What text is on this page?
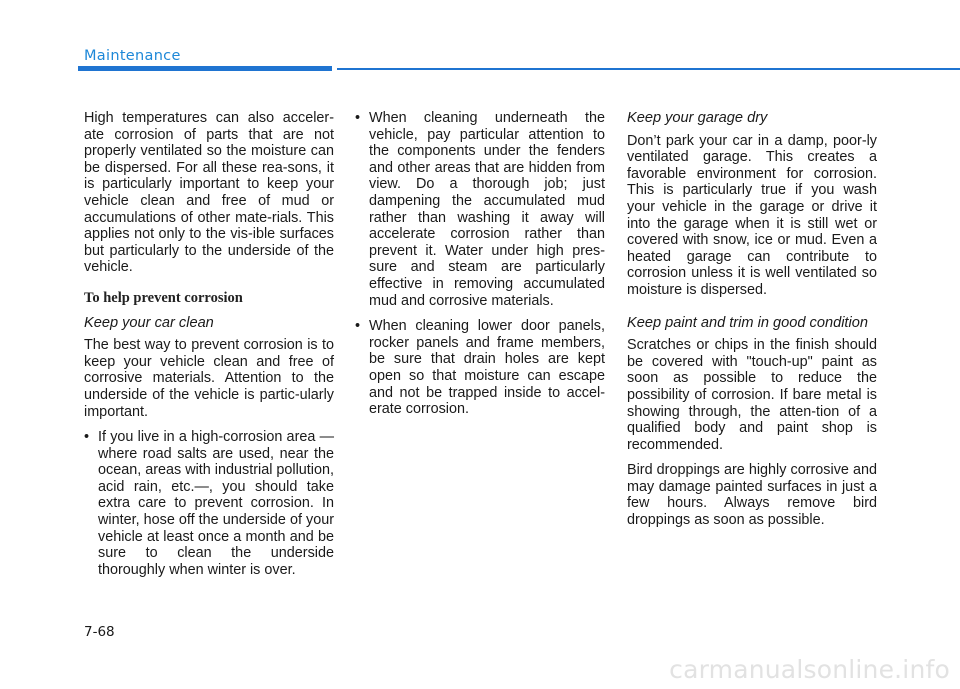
Maintenance

High temperatures can also acceler-ate corrosion of parts that are not properly ventilated so the moisture can be dispersed. For all these rea-sons, it is particularly important to keep your vehicle clean and free of mud or accumulations of other mate-rials. This applies not only to the vis-ible surfaces but particularly to the underside of the vehicle.

To help prevent corrosion
Keep your car clean

The best way to prevent corrosion is to keep your vehicle clean and free of corrosive materials. Attention to the underside of the vehicle is partic-ularly important.

• If you live in a high-corrosion area — where road salts are used, near the ocean, areas with industrial pollution, acid rain, etc.—, you should take extra care to prevent corrosion. In winter, hose off the underside of your vehicle at least once a month and be sure to clean the underside thoroughly when winter is over.
• When cleaning underneath the vehicle, pay particular attention to the components under the fenders and other areas that are hidden from view. Do a thorough job; just dampening the accumulated mud rather than washing it away will accelerate corrosion rather than prevent it. Water under high pres-sure and steam are particularly effective in removing accumulated mud and corrosive materials.
• When cleaning lower door panels, rocker panels and frame members, be sure that drain holes are kept open so that moisture can escape and not be trapped inside to accel-erate corrosion.
Keep your garage dry

Don’t park your car in a damp, poor-ly ventilated garage. This creates a favorable environment for corrosion. This is particularly true if you wash your vehicle in the garage or drive it into the garage when it is still wet or covered with snow, ice or mud. Even a heated garage can contribute to corrosion unless it is well ventilated so moisture is dispersed.

Keep paint and trim in good condition

Scratches or chips in the finish should be covered with "touch-up" paint as soon as possible to reduce the possibility of corrosion. If bare metal is showing through, the atten-tion of a qualified body and paint shop is recommended.

Bird droppings are highly corrosive and may damage painted surfaces in just a few hours. Always remove bird droppings as soon as possible.

7-68
carmanualsonline.info
